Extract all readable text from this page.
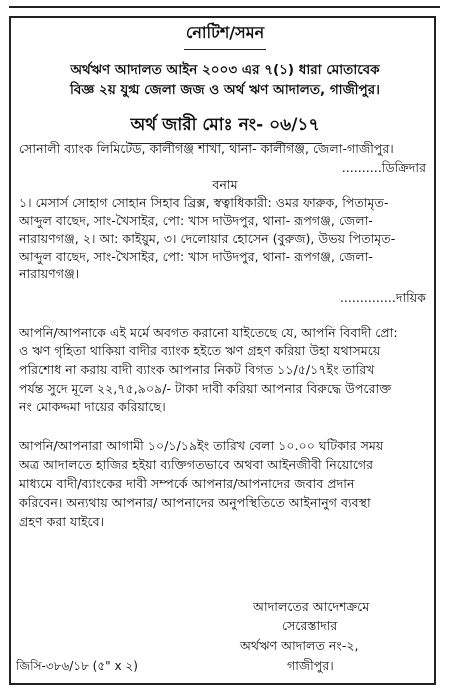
নোটিশ/সমন
অর্থঋণ আদালত আইন ২০০৩ এর ৭(১) ধারা মোতাবেক
বিজ্ঞ ২য় যুগ্ম জেলা জজ ও অর্থ ঋণ আদালত, গাজীপুর।
অর্থ জারী মোঃ নং- ০৬/১৭
সোনালী ব্যাংক লিমিটেড, কালীগঞ্জ শাখা, থানা- কালীগঞ্জ, জেলা-গাজীপুর।
..........ডিক্রিদার
বনাম
১। মেসার্স সোহাগ সোহান সিহাব ব্রিক্স, স্বত্বাধিকারী: ওমর ফারুক, পিতামৃত-
আব্দুল বাছেদ, সাং-খৈসাইর, পো: খাস দাউদপুর, থানা- রূপগঞ্জ, জেলা-
নারায়ণগঞ্জ, ২। আ: কাইয়ুম, ৩। দেলোয়ার হোসেন (বুরুজ), উভয় পিতামৃত-
আব্দুল বাছেদ, সাং-খৈসাইর, পো: খাস দাউদপুর, থানা- রূপগঞ্জ, জেলা-
নারায়ণগঞ্জ।
..............দায়িক
আপনি/আপনাকে এই মর্মে অবগত করানো যাইতেছে যে, আপনি বিবাদী প্রো:
ও ঋণ গৃহিতা থাকিয়া বাদীর ব্যাংক হইতে ঋণ গ্রহণ করিয়া উহা যথাসময়ে
পরিশোধ না করায় বাদী ব্যাংক আপনার নিকট বিগত ১১/৫/১৭ইং তারিখ
পর্যন্ত সুদে মূলে ২২,৭৫,৯০৯/- টাকা দাবী করিয়া আপনার বিরুদ্ধে উপরোক্ত
নং মোকদ্দমা দায়ের করিয়াছে।
আপনি/আপনারা আগামী ১০/১/১৯ইং তারিখ বেলা ১০.০০ ঘটিকার সময়
অত্র আদালতে হাজির হইয়া ব্যক্তিগতভাবে অথবা আইনজীবী নিয়োগের
মাধ্যমে বাদী/ব্যাংকের দাবী সম্পর্কে আপনার/আপনাদের জবাব প্রদান
করিবেন। অন্যথায় আপনার/ আপনাদের অনুপস্থিতিতে আইনানুগ ব্যবস্থা
গ্রহণ করা যাইবে।
আদালতের আদেশক্রমে
সেরেস্তাদার
অর্থঋণ আদালত নং-২,
গাজীপুর।
জিসি-৩৮৬/১৮ (৫" x ২)
